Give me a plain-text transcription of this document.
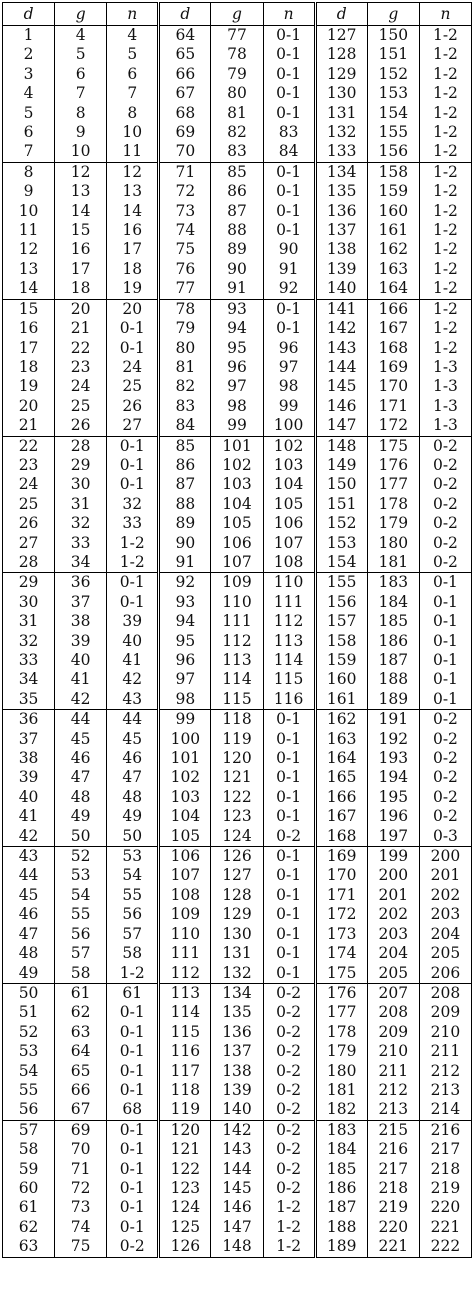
d	g	n	d	g	n	d	g	n
1	4	4	64	77	0-1	127	150	1-2
2	5	5	65	78	0-1	128	151	1-2
3	6	6	66	79	0-1	129	152	1-2
4	7	7	67	80	0-1	130	153	1-2
5	8	8	68	81	0-1	131	154	1-2
6	9	10	69	82	83	132	155	1-2
7	10	11	70	83	84	133	156	1-2
8	12	12	71	85	0-1	134	158	1-2
9	13	13	72	86	0-1	135	159	1-2
10	14	14	73	87	0-1	136	160	1-2
11	15	16	74	88	0-1	137	161	1-2
12	16	17	75	89	90	138	162	1-2
13	17	18	76	90	91	139	163	1-2
14	18	19	77	91	92	140	164	1-2
15	20	20	78	93	0-1	141	166	1-2
16	21	0-1	79	94	0-1	142	167	1-2
17	22	0-1	80	95	96	143	168	1-2
18	23	24	81	96	97	144	169	1-3
19	24	25	82	97	98	145	170	1-3
20	25	26	83	98	99	146	171	1-3
21	26	27	84	99	100	147	172	1-3
22	28	0-1	85	101	102	148	175	0-2
23	29	0-1	86	102	103	149	176	0-2
24	30	0-1	87	103	104	150	177	0-2
25	31	32	88	104	105	151	178	0-2
26	32	33	89	105	106	152	179	0-2
27	33	1-2	90	106	107	153	180	0-2
28	34	1-2	91	107	108	154	181	0-2
29	36	0-1	92	109	110	155	183	0-1
30	37	0-1	93	110	111	156	184	0-1
31	38	39	94	111	112	157	185	0-1
32	39	40	95	112	113	158	186	0-1
33	40	41	96	113	114	159	187	0-1
34	41	42	97	114	115	160	188	0-1
35	42	43	98	115	116	161	189	0-1
36	44	44	99	118	0-1	162	191	0-2
37	45	45	100	119	0-1	163	192	0-2
38	46	46	101	120	0-1	164	193	0-2
39	47	47	102	121	0-1	165	194	0-2
40	48	48	103	122	0-1	166	195	0-2
41	49	49	104	123	0-1	167	196	0-2
42	50	50	105	124	0-2	168	197	0-3
43	52	53	106	126	0-1	169	199	200
44	53	54	107	127	0-1	170	200	201
45	54	55	108	128	0-1	171	201	202
46	55	56	109	129	0-1	172	202	203
47	56	57	110	130	0-1	173	203	204
48	57	58	111	131	0-1	174	204	205
49	58	1-2	112	132	0-1	175	205	206
50	61	61	113	134	0-2	176	207	208
51	62	0-1	114	135	0-2	177	208	209
52	63	0-1	115	136	0-2	178	209	210
53	64	0-1	116	137	0-2	179	210	211
54	65	0-1	117	138	0-2	180	211	212
55	66	0-1	118	139	0-2	181	212	213
56	67	68	119	140	0-2	182	213	214
57	69	0-1	120	142	0-2	183	215	216
58	70	0-1	121	143	0-2	184	216	217
59	71	0-1	122	144	0-2	185	217	218
60	72	0-1	123	145	0-2	186	218	219
61	73	0-1	124	146	1-2	187	219	220
62	74	0-1	125	147	1-2	188	220	221
63	75	0-2	126	148	1-2	189	221	222
